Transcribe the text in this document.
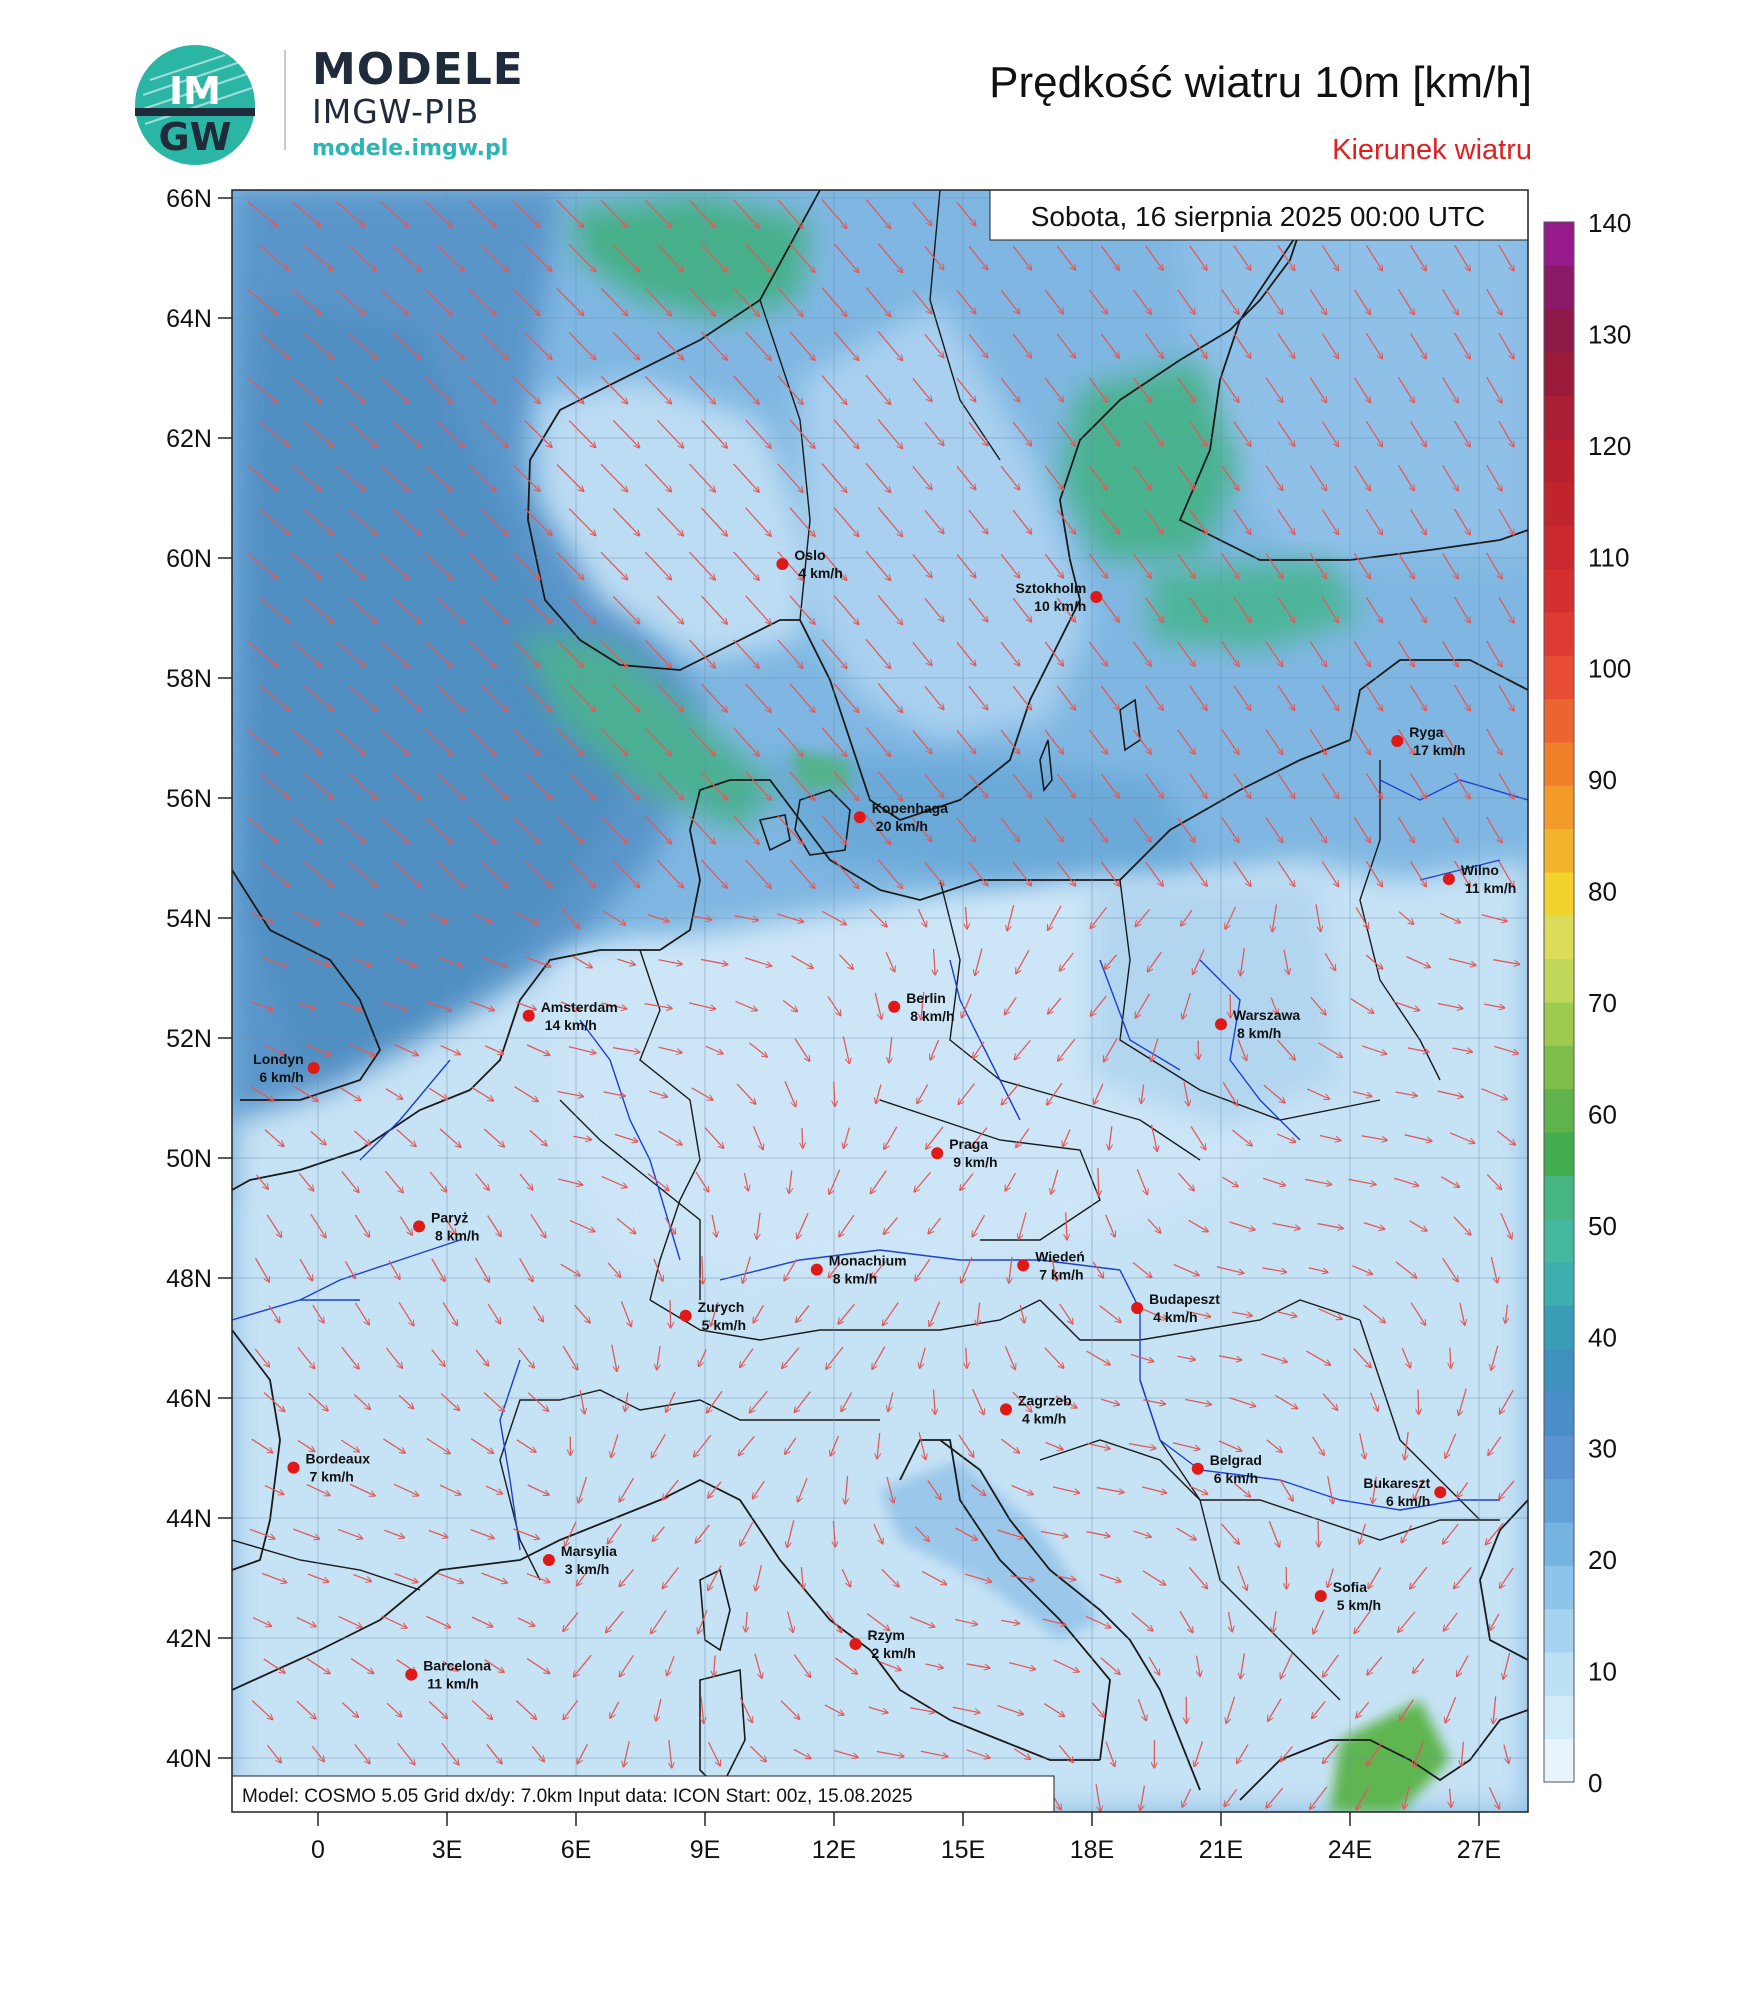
IM
GW
Oslo
4 km/h
Sztokholm
10 km/h
Ryga
17 km/h
Kopenhaga
20 km/h
Wilno
11 km/h
Amsterdam
14 km/h
Berlin
8 km/h	Warszawa
8 km/h
Londyn
6 km/h
Praga
9 km/h
Paryż
8 km/h
Monachium
8 km/h
Wiedeń
7 km/h
Zurych
5 km/h
Budapeszt
4 km/h
Zagrzeb
4 km/h
Bordeaux
7 km/h
Belgrad
6 km/h	Bukareszt
6 km/h
Marsylia
3 km/h
Sofia
5 km/h
Rzym
2 km/h
Barcelona
11 km/h
Sobota, 16 sierpnia 2025 00:00 UTC
Model: COSMO 5.05 Grid dx/dy: 7.0km Input data: ICON Start: 00z, 15.08.2025
66N
64N
62N
60N
58N
56N
54N
52N
50N
48N
46N
44N
42N
40N
0	3E	6E	9E	12E	15E	18E	21E	24E	27E
140
130
120
110
100
90
80
70
60
50
40
30
20
10
0
MODELE
IMGW-PIB
modele.imgw.pl
Prędkość wiatru 10m [km/h]
Kierunek wiatru
